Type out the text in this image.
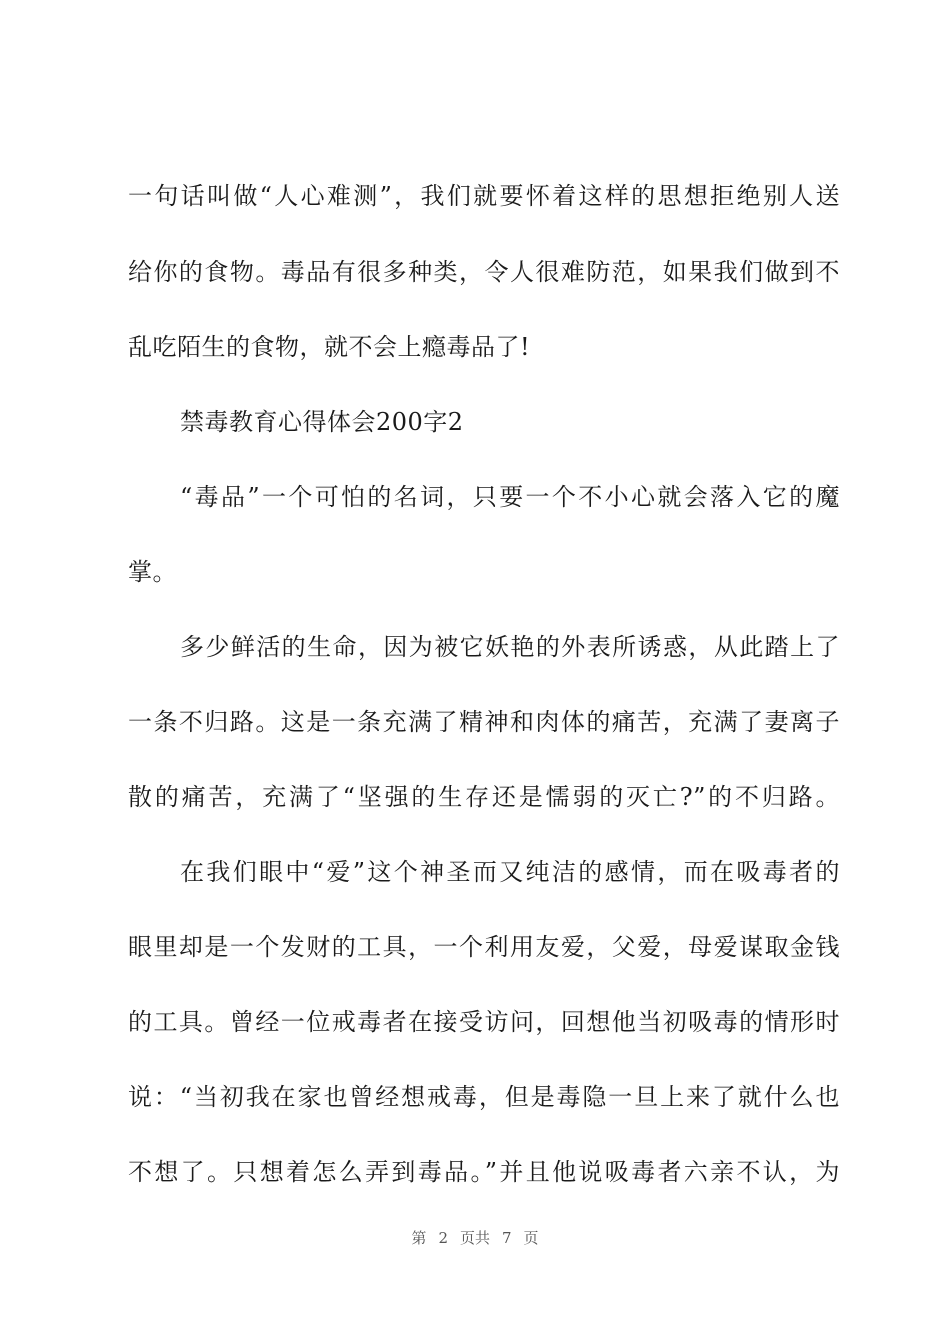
一句话叫做“人心难测”，我们就要怀着这样的思想拒绝别人送
给你的食物。毒品有很多种类，令人很难防范，如果我们做到不
乱吃陌生的食物，就不会上瘾毒品了!
禁毒教育心得体会200字2
“毒品”一个可怕的名词，只要一个不小心就会落入它的魔
掌。
多少鲜活的生命，因为被它妖艳的外表所诱惑，从此踏上了
一条不归路。这是一条充满了精神和肉体的痛苦，充满了妻离子
散的痛苦，充满了“坚强的生存还是懦弱的灭亡?”的不归路。
在我们眼中“爱”这个神圣而又纯洁的感情，而在吸毒者的
眼里却是一个发财的工具，一个利用友爱，父爱，母爱谋取金钱
的工具。曾经一位戒毒者在接受访问，回想他当初吸毒的情形时
说：“当初我在家也曾经想戒毒，但是毒隐一旦上来了就什么也
不想了。只想着怎么弄到毒品。”并且他说吸毒者六亲不认，为
第 2 页共 7 页
